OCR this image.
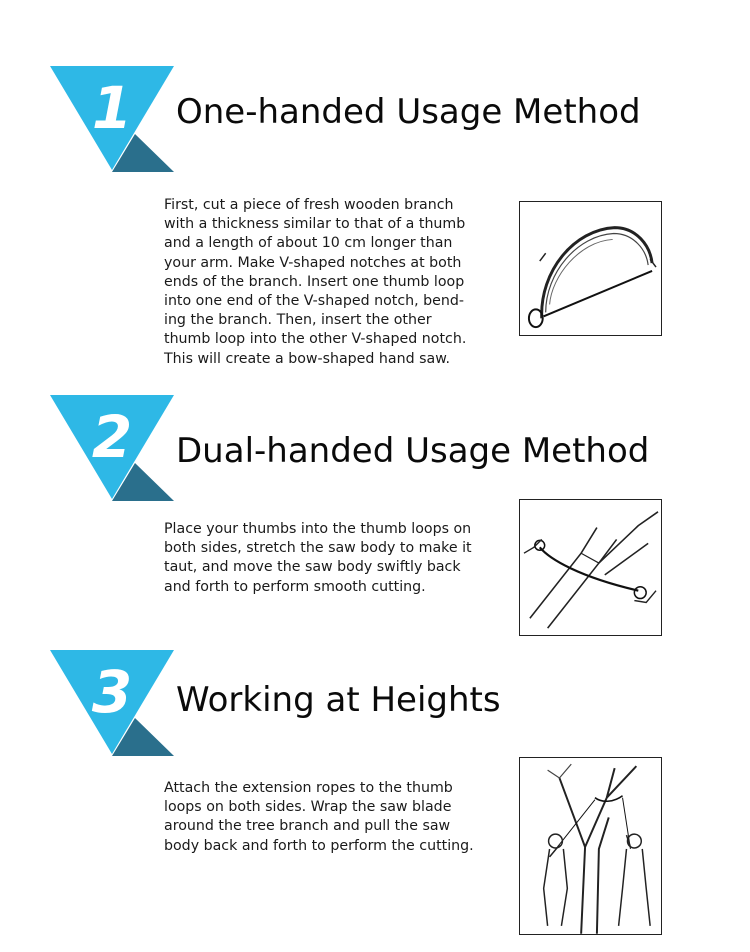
1 One-handed Usage Method

First, cut a piece of fresh wooden branch
with a thickness similar to that of a thumb
and a length of about 10 cm longer than
your arm. Make V-shaped notches at both
ends of the branch. Insert one thumb loop
into one end of the V-shaped notch, bend-
ing the branch. Then, insert the other
thumb loop into the other V-shaped notch.
This will create a bow-shaped hand saw.

2 Dual-handed Usage Method

Place your thumbs into the thumb loops on
both sides, stretch the saw body to make it
taut, and move the saw body swiftly back
and forth to perform smooth cutting.

3 Working at Heights

Attach the extension ropes to the thumb
loops on both sides. Wrap the saw blade
around the tree branch and pull the saw
body back and forth to perform the cutting.
